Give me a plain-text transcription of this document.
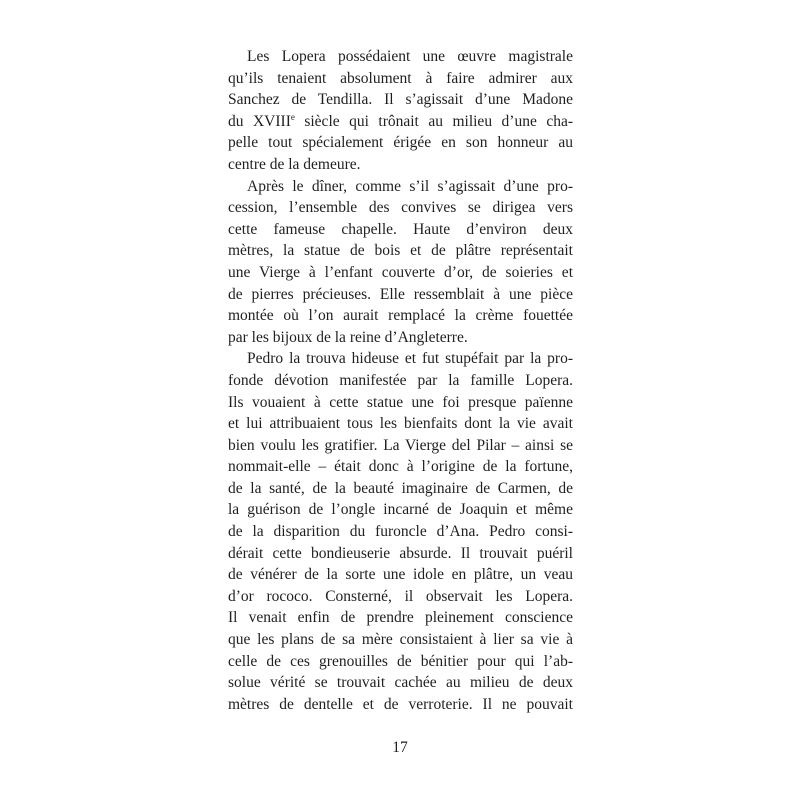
Les Lopera possédaient une œuvre magistrale
qu’ils tenaient absolument à faire admirer aux
Sanchez de Tendilla. Il s’agissait d’une Madone
du XVIIIe siècle qui trônait au milieu d’une cha-
pelle tout spécialement érigée en son honneur au
centre de la demeure.
Après le dîner, comme s’il s’agissait d’une pro-
cession, l’ensemble des convives se dirigea vers
cette fameuse chapelle. Haute d’environ deux
mètres, la statue de bois et de plâtre représentait
une Vierge à l’enfant couverte d’or, de soieries et
de pierres précieuses. Elle ressemblait à une pièce
montée où l’on aurait remplacé la crème fouettée
par les bijoux de la reine d’Angleterre.
Pedro la trouva hideuse et fut stupéfait par la pro-
fonde dévotion manifestée par la famille Lopera.
Ils vouaient à cette statue une foi presque païenne
et lui attribuaient tous les bienfaits dont la vie avait
bien voulu les gratifier. La Vierge del Pilar – ainsi se
nommait-elle – était donc à l’origine de la fortune,
de la santé, de la beauté imaginaire de Carmen, de
la guérison de l’ongle incarné de Joaquin et même
de la disparition du furoncle d’Ana. Pedro consi-
dérait cette bondieuserie absurde. Il trouvait puéril
de vénérer de la sorte une idole en plâtre, un veau
d’or rococo. Consterné, il observait les Lopera.
Il venait enfin de prendre pleinement conscience
que les plans de sa mère consistaient à lier sa vie à
celle de ces grenouilles de bénitier pour qui l’ab-
solue vérité se trouvait cachée au milieu de deux
mètres de dentelle et de verroterie. Il ne pouvait
17
